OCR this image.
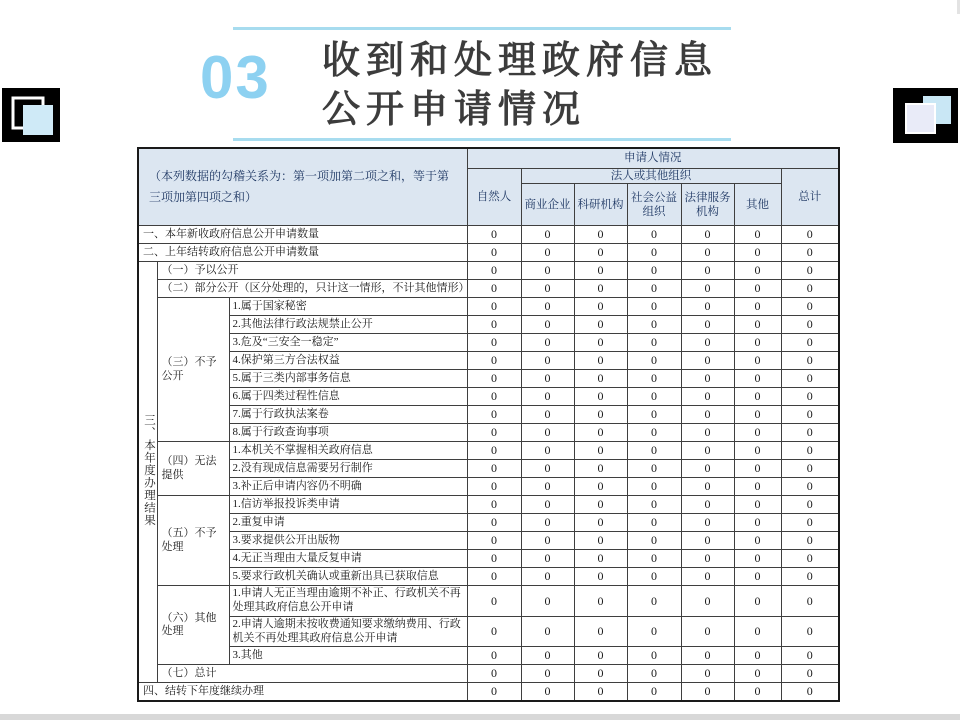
03 收到和处理政府信息
公开申请情况
（本列数据的勾稽关系为：第一项加第二项之和，等于第三项加第四项之和）			申请人情况						
			自然人	法人或其他组织					总计
				商业企业	科研机构	社会公益组织	法律服务机构	其他	
一、本年新收政府信息公开申请数量			0	0	0	0	0	0	0
二、上年结转政府信息公开申请数量			0	0	0	0	0	0	0
三、本年度办理结果	（一）予以公开		0	0	0	0	0	0	0
	（二）部分公开（区分处理的，只计这一情形，不计其他情形）		0	0	0	0	0	0	0
	（三）不予公开	1.属于国家秘密	0	0	0	0	0	0	0
		2.其他法律行政法规禁止公开	0	0	0	0	0	0	0
		3.危及“三安全一稳定”	0	0	0	0	0	0	0
		4.保护第三方合法权益	0	0	0	0	0	0	0
		5.属于三类内部事务信息	0	0	0	0	0	0	0
		6.属于四类过程性信息	0	0	0	0	0	0	0
		7.属于行政执法案卷	0	0	0	0	0	0	0
		8.属于行政查询事项	0	0	0	0	0	0	0
	（四）无法提供	1.本机关不掌握相关政府信息	0	0	0	0	0	0	0
		2.没有现成信息需要另行制作	0	0	0	0	0	0	0
		3.补正后申请内容仍不明确	0	0	0	0	0	0	0
	（五）不予处理	1.信访举报投诉类申请	0	0	0	0	0	0	0
		2.重复申请	0	0	0	0	0	0	0
		3.要求提供公开出版物	0	0	0	0	0	0	0
		4.无正当理由大量反复申请	0	0	0	0	0	0	0
		5.要求行政机关确认或重新出具已获取信息	0	0	0	0	0	0	0
	（六）其他处理	1.申请人无正当理由逾期不补正、行政机关不再处理其政府信息公开申请	0	0	0	0	0	0	0
		2.申请人逾期未按收费通知要求缴纳费用、行政机关不再处理其政府信息公开申请	0	0	0	0	0	0	0
		3.其他	0	0	0	0	0	0	0
	（七）总计		0	0	0	0	0	0	0
四、结转下年度继续办理			0	0	0	0	0	0	0
